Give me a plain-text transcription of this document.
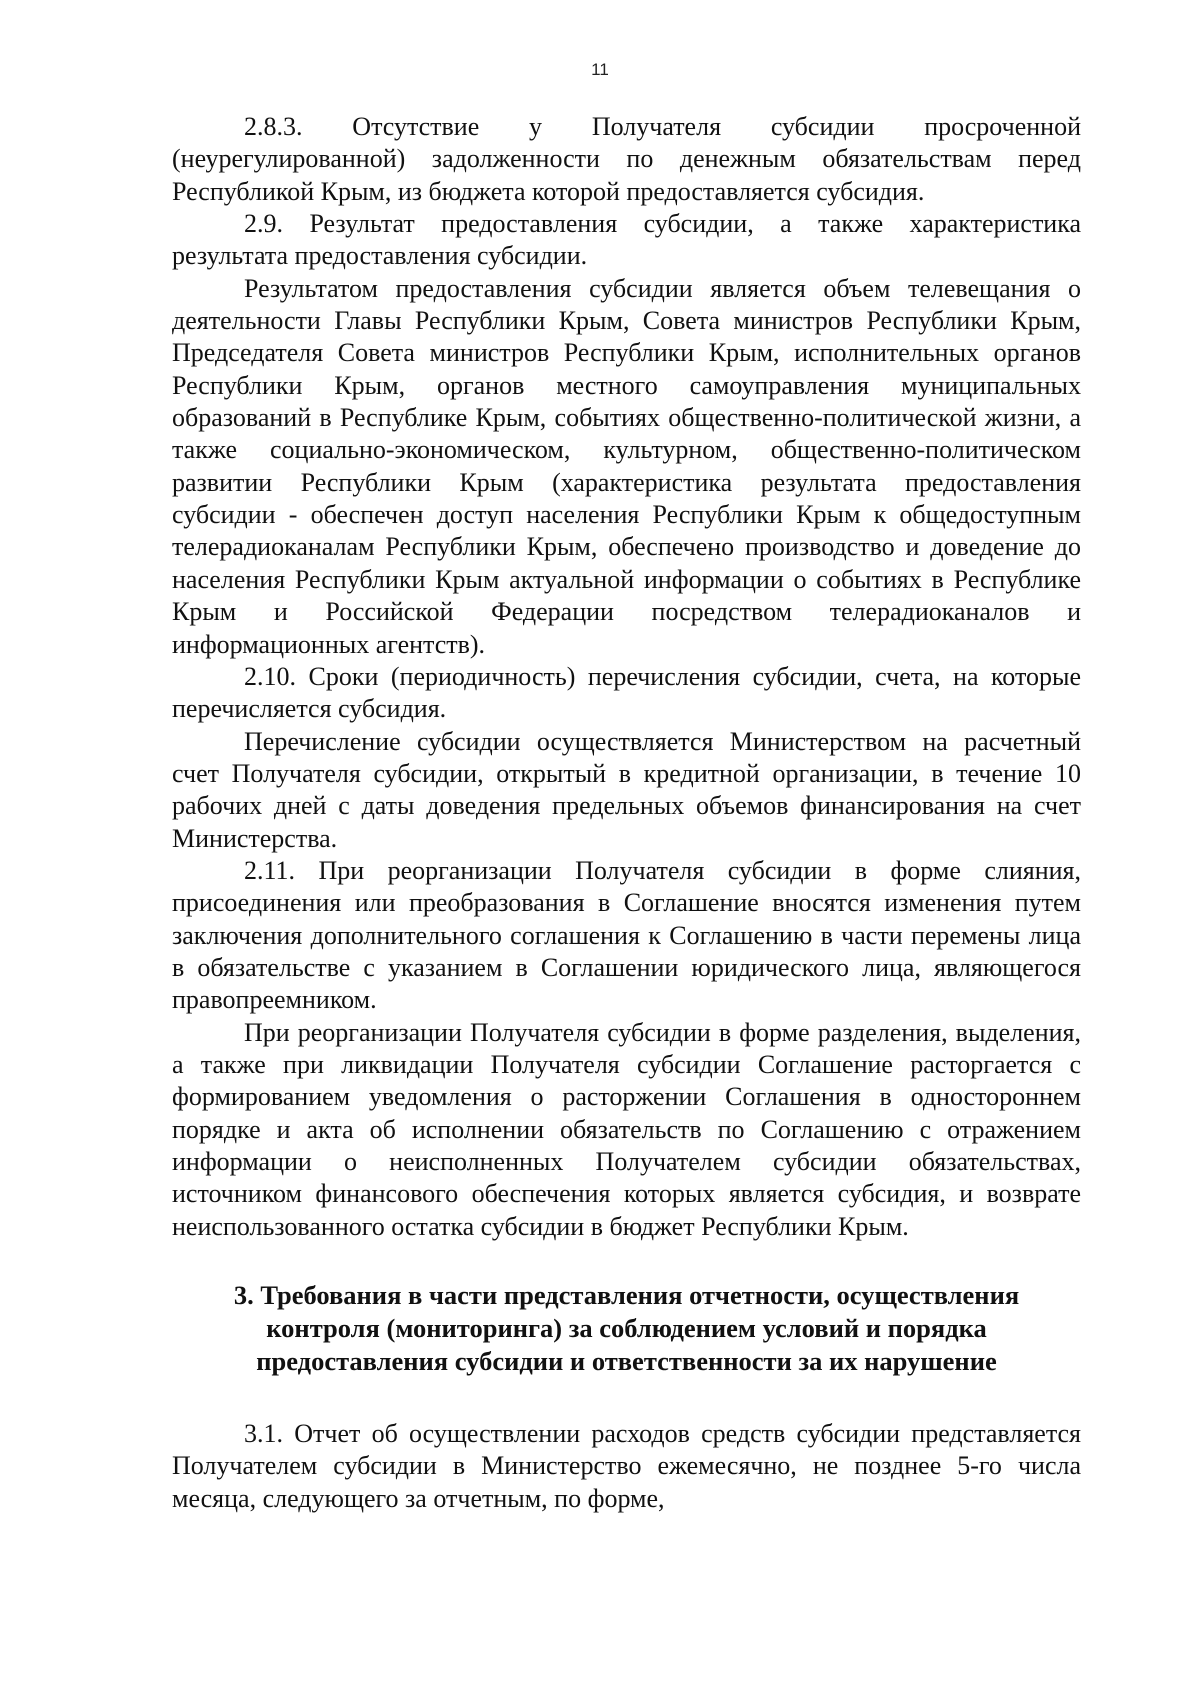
11

2.8.3. Отсутствие у Получателя субсидии просроченной (неурегулированной) задолженности по денежным обязательствам перед Республикой Крым, из бюджета которой предоставляется субсидия.

2.9. Результат предоставления субсидии, а также характеристика результата предоставления субсидии.

Результатом предоставления субсидии является объем телевещания о деятельности Главы Республики Крым, Совета министров Республики Крым, Председателя Совета министров Республики Крым, исполнительных органов Республики Крым, органов местного самоуправления муниципальных образований в Республике Крым, событиях общественно-политической жизни, а также социально-экономическом, культурном, общественно-политическом развитии Республики Крым (характеристика результата предоставления субсидии - обеспечен доступ населения Республики Крым к общедоступным телерадиоканалам Республики Крым, обеспечено производство и доведение до населения Республики Крым актуальной информации о событиях в Республике Крым и Российской Федерации посредством телерадиоканалов и информационных агентств).

2.10. Сроки (периодичность) перечисления субсидии, счета, на которые перечисляется субсидия.

Перечисление субсидии осуществляется Министерством на расчетный счет Получателя субсидии, открытый в кредитной организации, в течение 10 рабочих дней с даты доведения предельных объемов финансирования на счет Министерства.

2.11. При реорганизации Получателя субсидии в форме слияния, присоединения или преобразования в Соглашение вносятся изменения путем заключения дополнительного соглашения к Соглашению в части перемены лица в обязательстве с указанием в Соглашении юридического лица, являющегося правопреемником.

При реорганизации Получателя субсидии в форме разделения, выделения, а также при ликвидации Получателя субсидии Соглашение расторгается с формированием уведомления о расторжении Соглашения в одностороннем порядке и акта об исполнении обязательств по Соглашению с отражением информации о неисполненных Получателем субсидии обязательствах, источником финансового обеспечения которых является субсидия, и возврате неиспользованного остатка субсидии в бюджет Республики Крым.

3. Требования в части представления отчетности, осуществления контроля (мониторинга) за соблюдением условий и порядка предоставления субсидии и ответственности за их нарушение

3.1. Отчет об осуществлении расходов средств субсидии представляется Получателем субсидии в Министерство ежемесячно, не позднее 5-го числа месяца, следующего за отчетным, по форме,
